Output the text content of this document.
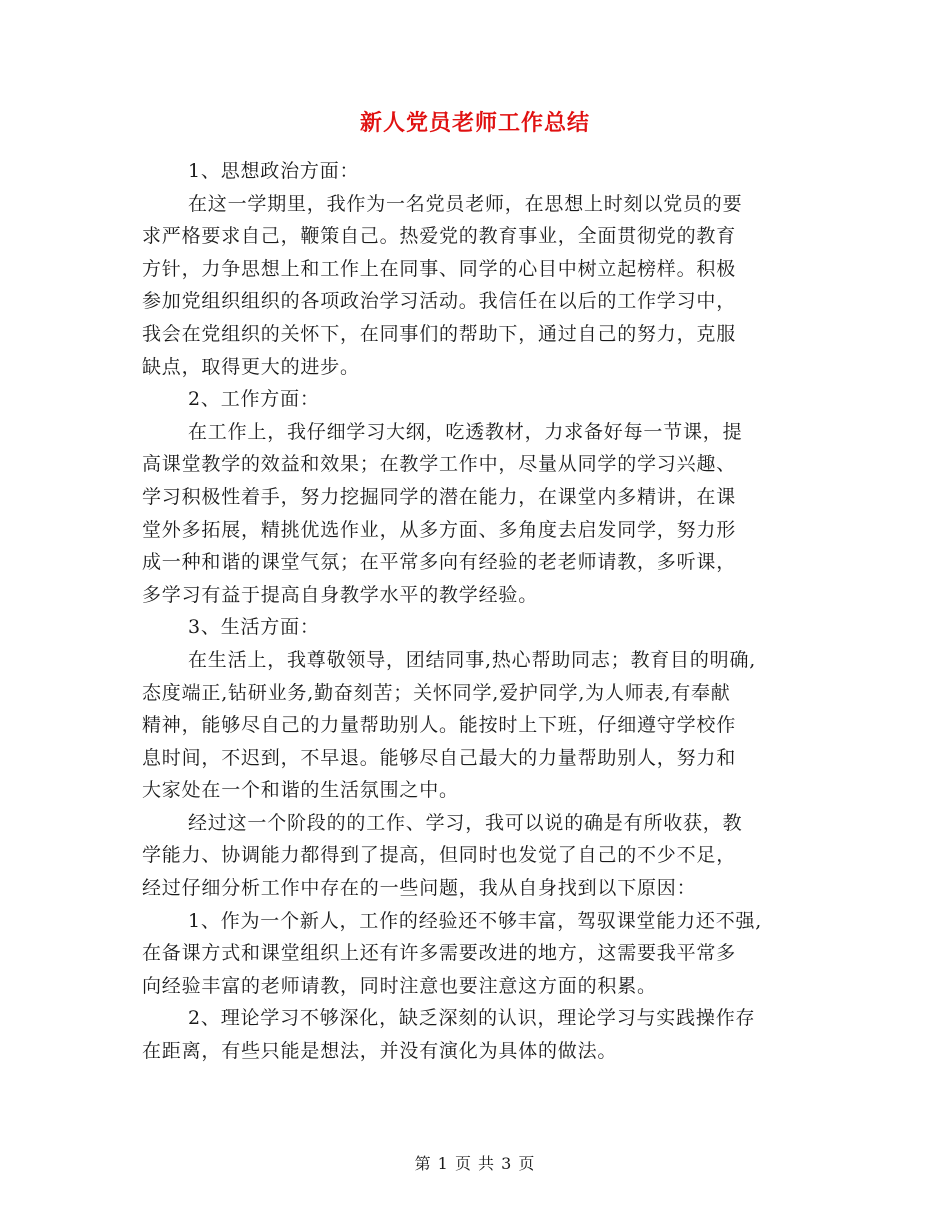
新人党员老师工作总结
1、思想政治方面：
在这一学期里，我作为一名党员老师，在思想上时刻以党员的要
求严格要求自己，鞭策自己。热爱党的教育事业，全面贯彻党的教育
方针，力争思想上和工作上在同事、同学的心目中树立起榜样。积极
参加党组织组织的各项政治学习活动。我信任在以后的工作学习中，
我会在党组织的关怀下，在同事们的帮助下，通过自己的努力，克服
缺点，取得更大的进步。
2、工作方面：
在工作上，我仔细学习大纲，吃透教材，力求备好每一节课，提
高课堂教学的效益和效果；在教学工作中，尽量从同学的学习兴趣、
学习积极性着手，努力挖掘同学的潜在能力，在课堂内多精讲，在课
堂外多拓展，精挑优选作业，从多方面、多角度去启发同学，努力形
成一种和谐的课堂气氛；在平常多向有经验的老老师请教，多听课，
多学习有益于提高自身教学水平的教学经验。
3、生活方面：
在生活上，我尊敬领导，团结同事,热心帮助同志；教育目的明确,
态度端正,钻研业务,勤奋刻苦；关怀同学,爱护同学,为人师表,有奉献
精神，能够尽自己的力量帮助别人。能按时上下班，仔细遵守学校作
息时间，不迟到，不早退。能够尽自己最大的力量帮助别人，努力和
大家处在一个和谐的生活氛围之中。
经过这一个阶段的的工作、学习，我可以说的确是有所收获，教
学能力、协调能力都得到了提高，但同时也发觉了自己的不少不足，
经过仔细分析工作中存在的一些问题，我从自身找到以下原因：
1、作为一个新人，工作的经验还不够丰富，驾驭课堂能力还不强,
在备课方式和课堂组织上还有许多需要改进的地方，这需要我平常多
向经验丰富的老师请教，同时注意也要注意这方面的积累。
2、理论学习不够深化，缺乏深刻的认识，理论学习与实践操作存
在距离，有些只能是想法，并没有演化为具体的做法。
第 1 页 共 3 页
